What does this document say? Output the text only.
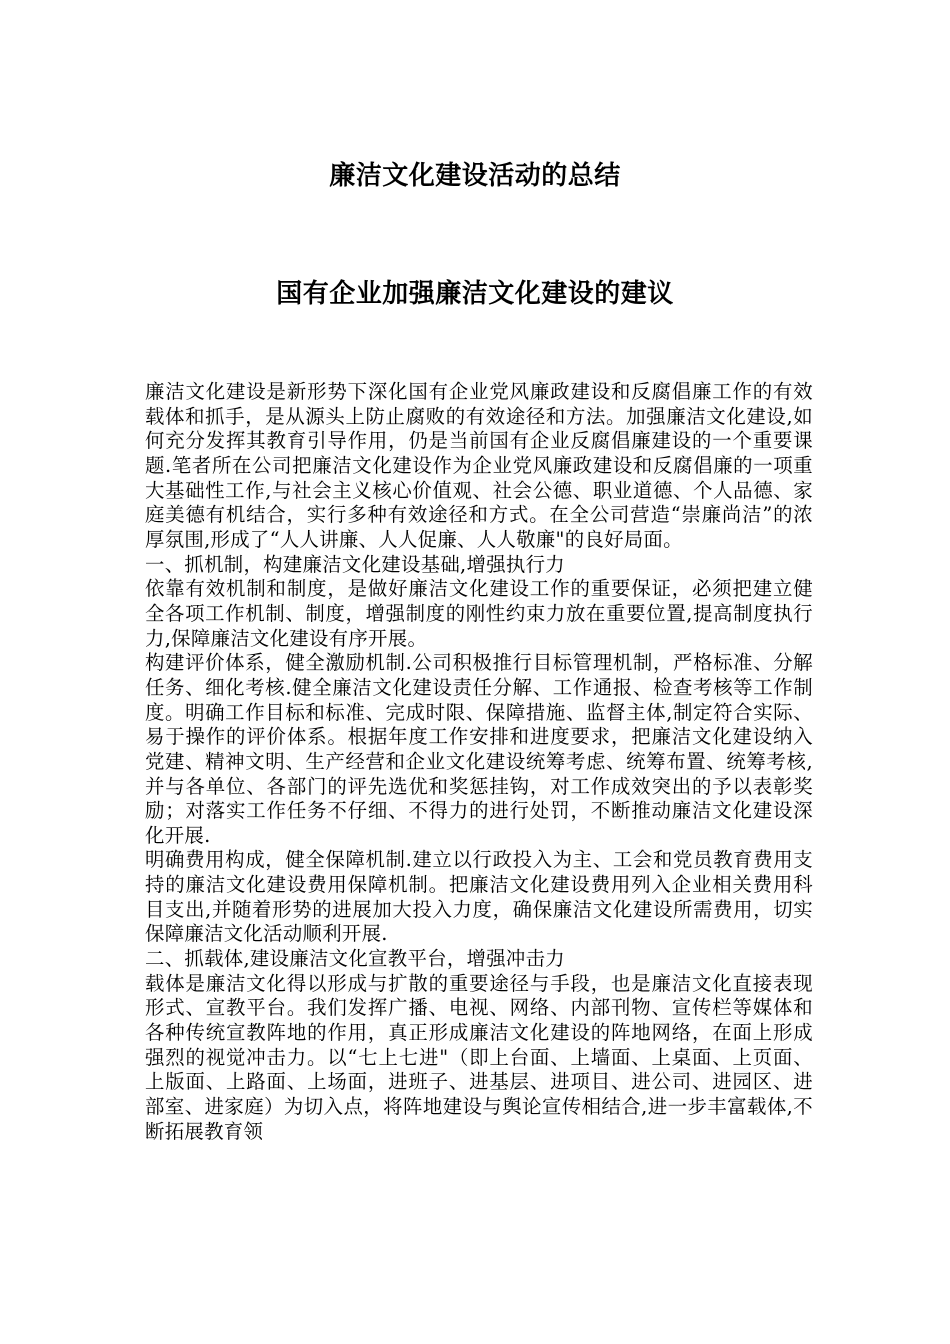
廉洁文化建设活动的总结
国有企业加强廉洁文化建设的建议

廉洁文化建设是新形势下深化国有企业党风廉政建设和反腐倡廉工作的有效载体和抓手，是从源头上防止腐败的有效途径和方法。加强廉洁文化建设,如何充分发挥其教育引导作用，仍是当前国有企业反腐倡廉建设的一个重要课题.笔者所在公司把廉洁文化建设作为企业党风廉政建设和反腐倡廉的一项重大基础性工作,与社会主义核心价值观、社会公德、职业道德、个人品德、家庭美德有机结合，实行多种有效途径和方式。在全公司营造“崇廉尚洁”的浓厚氛围,形成了“人人讲廉、人人促廉、人人敬廉"的良好局面。

一、抓机制，构建廉洁文化建设基础,增强执行力

依靠有效机制和制度，是做好廉洁文化建设工作的重要保证，必须把建立健全各项工作机制、制度，增强制度的刚性约束力放在重要位置,提高制度执行力,保障廉洁文化建设有序开展。

构建评价体系，健全激励机制.公司积极推行目标管理机制，严格标准、分解任务、细化考核.健全廉洁文化建设责任分解、工作通报、检查考核等工作制度。明确工作目标和标准、完成时限、保障措施、监督主体,制定符合实际、易于操作的评价体系。根据年度工作安排和进度要求，把廉洁文化建设纳入党建、精神文明、生产经营和企业文化建设统筹考虑、统筹布置、统筹考核,并与各单位、各部门的评先选优和奖惩挂钩，对工作成效突出的予以表彰奖励；对落实工作任务不仔细、不得力的进行处罚，不断推动廉洁文化建设深化开展.

明确费用构成，健全保障机制.建立以行政投入为主、工会和党员教育费用支持的廉洁文化建设费用保障机制。把廉洁文化建设费用列入企业相关费用科目支出,并随着形势的进展加大投入力度，确保廉洁文化建设所需费用，切实保障廉洁文化活动顺利开展.

二、抓载体,建设廉洁文化宣教平台，增强冲击力

载体是廉洁文化得以形成与扩散的重要途径与手段，也是廉洁文化直接表现形式、宣教平台。我们发挥广播、电视、网络、内部刊物、宣传栏等媒体和各种传统宣教阵地的作用，真正形成廉洁文化建设的阵地网络，在面上形成强烈的视觉冲击力。以“七上七进"（即上台面、上墙面、上桌面、上页面、上版面、上路面、上场面，进班子、进基层、进项目、进公司、进园区、进部室、进家庭）为切入点，将阵地建设与舆论宣传相结合,进一步丰富载体,不断拓展教育领
